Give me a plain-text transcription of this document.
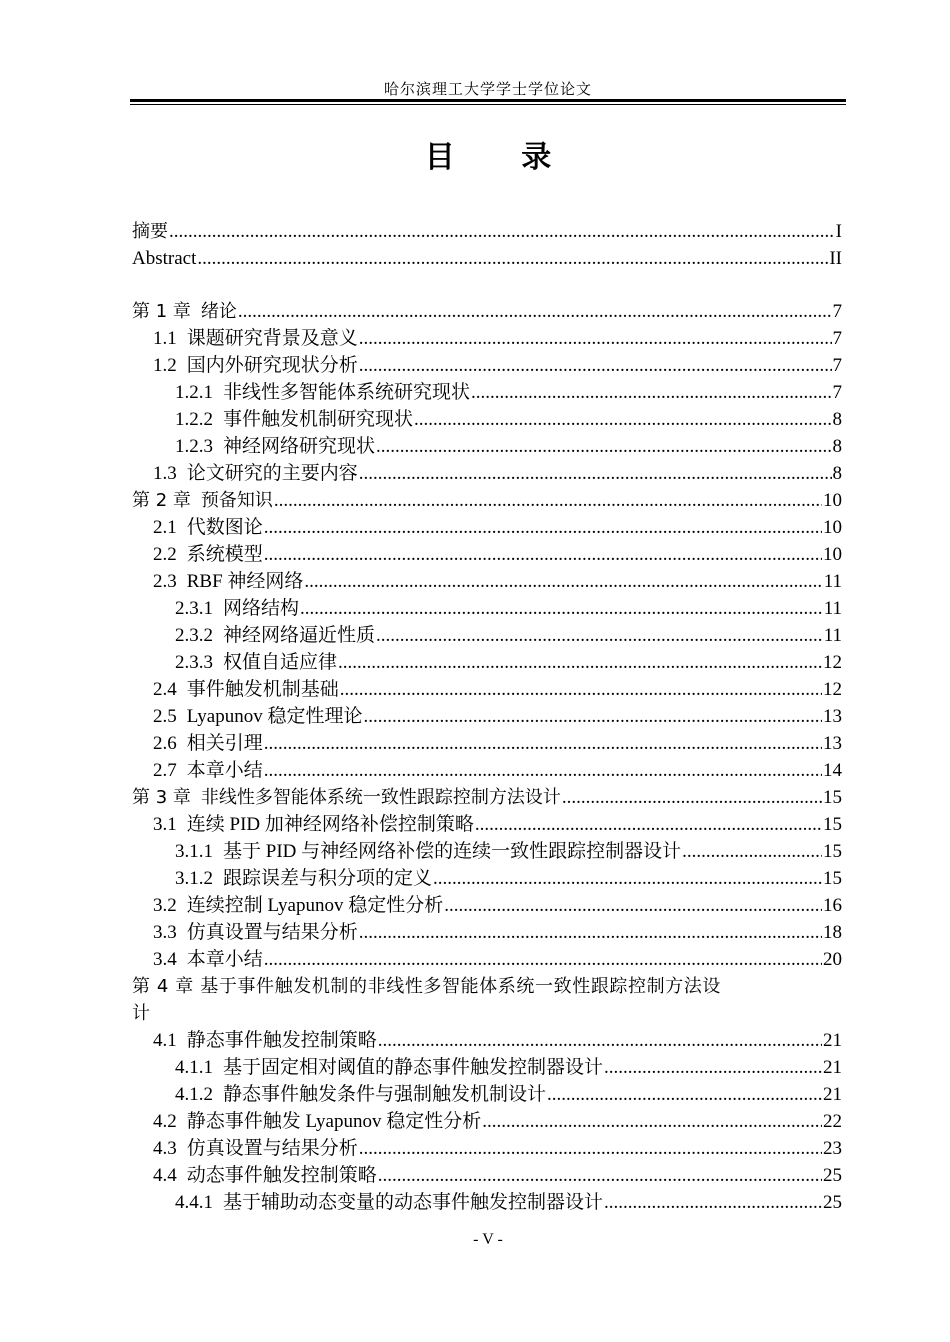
哈尔滨理工大学学士学位论文
目 录
摘要 .....	I
Abstract .....	II
第 1 章 绪论 .....	7
1.1 课题研究背景及意义 .....	7
1.2 国内外研究现状分析 .....	7
1.2.1 非线性多智能体系统研究现状 .....	7
1.2.2 事件触发机制研究现状 .....	8
1.2.3 神经网络研究现状 .....	8
1.3 论文研究的主要内容 .....	8
第 2 章 预备知识 .....	10
2.1 代数图论 .....	10
2.2 系统模型 .....	10
2.3 RBF 神经网络 .....	11
2.3.1 网络结构 .....	11
2.3.2 神经网络逼近性质 .....	11
2.3.3 权值自适应律 .....	12
2.4 事件触发机制基础 .....	12
2.5 Lyapunov 稳定性理论 .....	13
2.6 相关引理 .....	13
2.7 本章小结 .....	14
第 3 章 非线性多智能体系统一致性跟踪控制方法设计 .....	15
3.1 连续 PID 加神经网络补偿控制策略 .....	15
3.1.1 基于 PID 与神经网络补偿的连续一致性跟踪控制器设计 .....	15
3.1.2 跟踪误差与积分项的定义 .....	15
3.2 连续控制 Lyapunov 稳定性分析 .....	16
3.3 仿真设置与结果分析 .....	18
3.4 本章小结 .....	20
第 4 章 基于事件触发机制的非线性多智能体系统一致性跟踪控制方法设
计
4.1 静态事件触发控制策略 .....	21
4.1.1 基于固定相对阈值的静态事件触发控制器设计 .....	21
4.1.2 静态事件触发条件与强制触发机制设计 .....	21
4.2 静态事件触发 Lyapunov 稳定性分析 .....	22
4.3 仿真设置与结果分析 .....	23
4.4 动态事件触发控制策略 .....	25
4.4.1 基于辅助动态变量的动态事件触发控制器设计 .....	25
- V -
